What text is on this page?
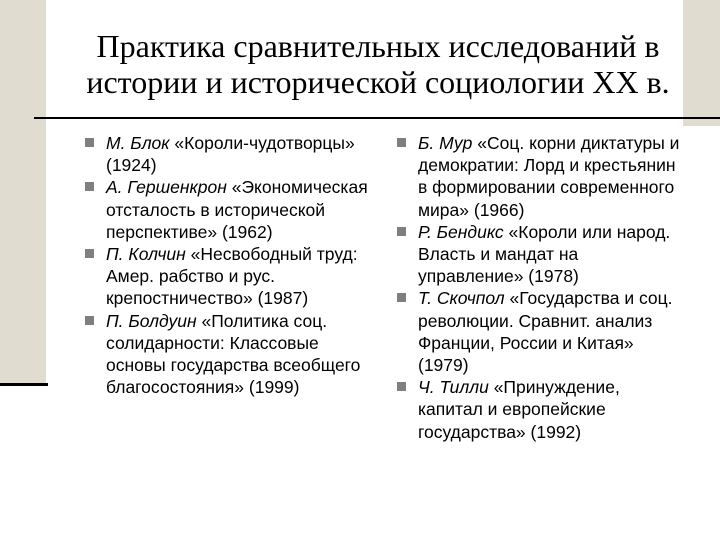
Практика сравнительных исследований в
истории и исторической социологии XX в.
М. Блок «Короли-чудотворцы» (1924)
А. Гершенкрон «Экономическая отсталость в исторической перспективе» (1962)
П. Колчин «Несвободный труд: Амер. рабство и рус. крепостничество» (1987)
П. Болдуин «Политика соц. солидарности: Классовые основы государства всеобщего благосостояния» (1999)
Б. Мур «Соц. корни диктатуры и демократии: Лорд и крестьянин в формировании современного мира» (1966)
Р. Бендикс «Короли или народ. Власть и мандат на управление» (1978)
Т. Скочпол «Государства и соц. революции. Сравнит. анализ Франции, России и Китая» (1979)
Ч. Тилли «Принуждение, капитал и европейские государства» (1992)
